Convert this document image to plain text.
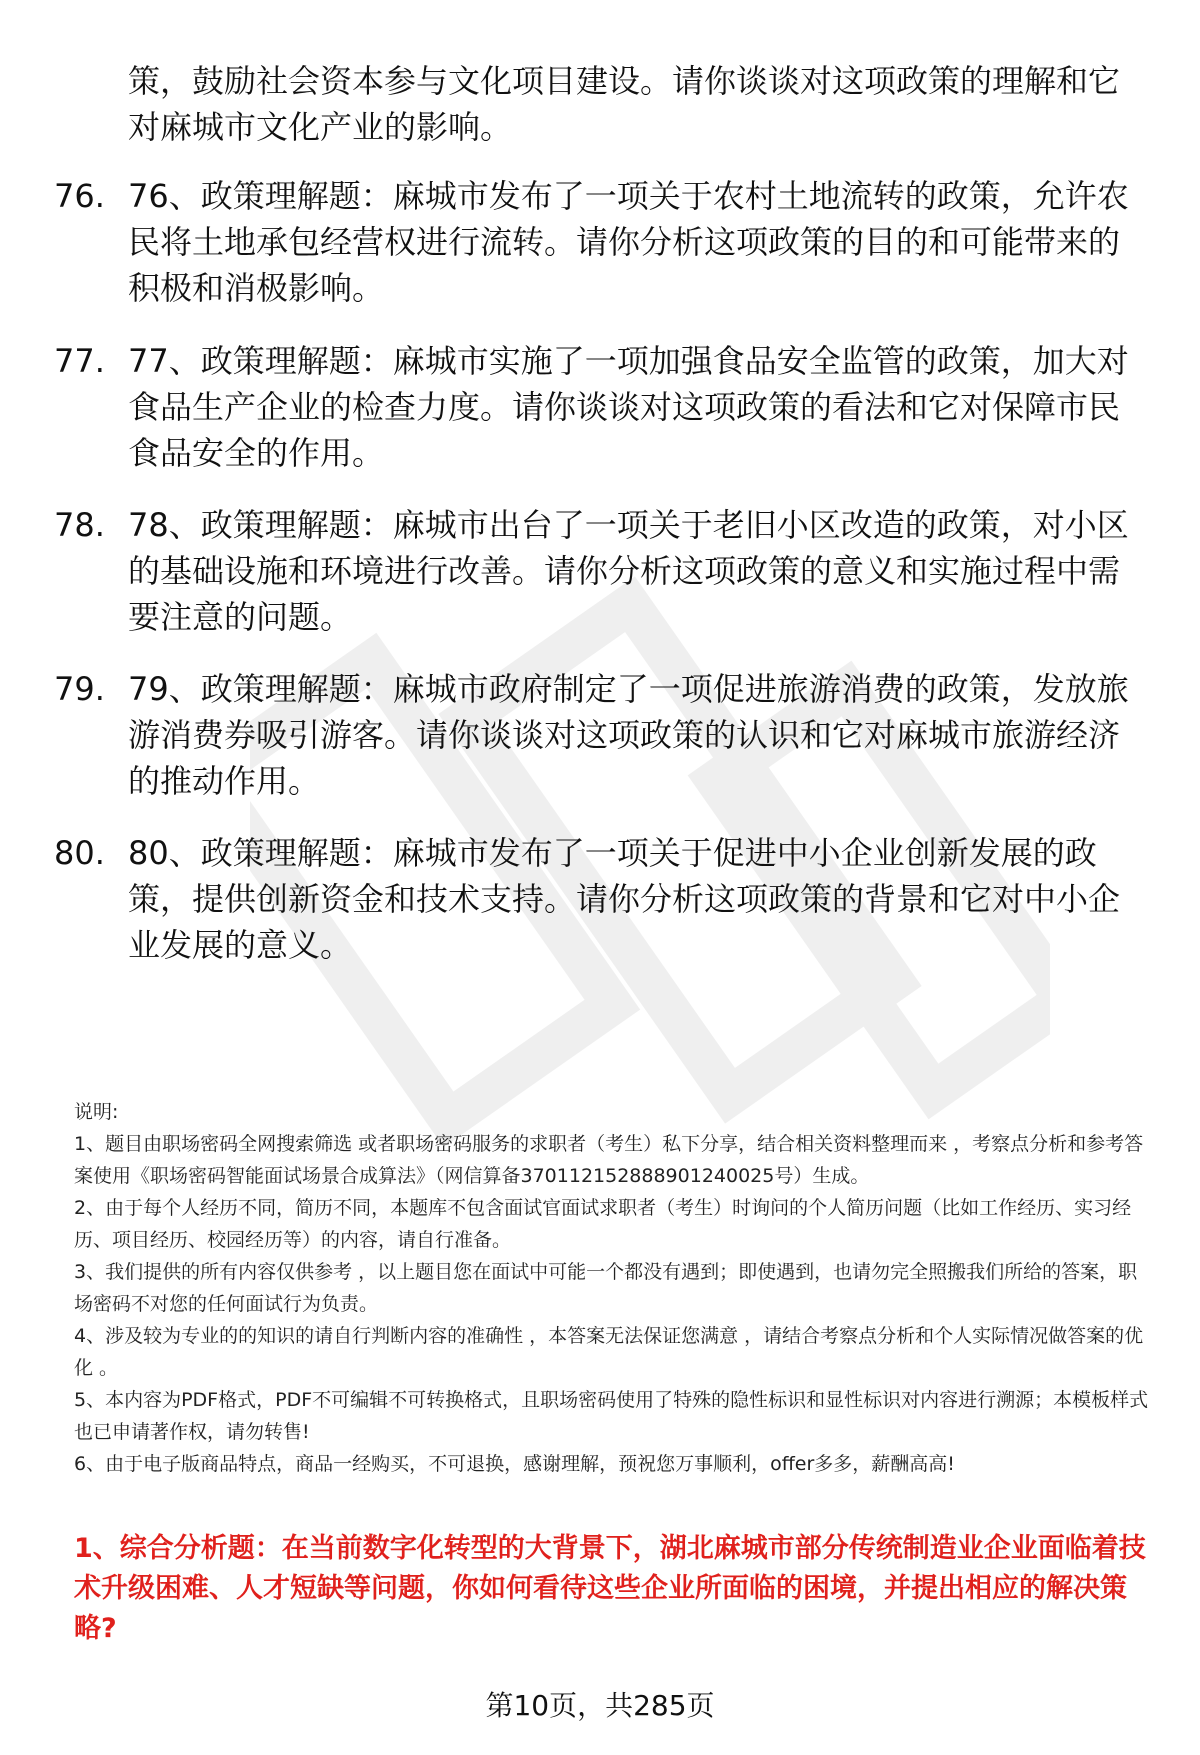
策，鼓励社会资本参与文化项目建设。请你谈谈对这项政策的理解和它对麻城市文化产业的影响。
76. 76、政策理解题：麻城市发布了一项关于农村土地流转的政策，允许农民将土地承包经营权进行流转。请你分析这项政策的目的和可能带来的积极和消极影响。
77. 77、政策理解题：麻城市实施了一项加强食品安全监管的政策，加大对食品生产企业的检查力度。请你谈谈对这项政策的看法和它对保障市民食品安全的作用。
78. 78、政策理解题：麻城市出台了一项关于老旧小区改造的政策，对小区的基础设施和环境进行改善。请你分析这项政策的意义和实施过程中需要注意的问题。
79. 79、政策理解题：麻城市政府制定了一项促进旅游消费的政策，发放旅游消费券吸引游客。请你谈谈对这项政策的认识和它对麻城市旅游经济的推动作用。
80. 80、政策理解题：麻城市发布了一项关于促进中小企业创新发展的政策，提供创新资金和技术支持。请你分析这项政策的背景和它对中小企业发展的意义。

说明:

1、题目由职场密码全网搜索筛选 或者职场密码服务的求职者（考生）私下分享，结合相关资料整理而来 ，考察点分析和参考答案使用《职场密码智能面试场景合成算法》（网信算备370112152888901240025号）生成。

2、由于每个人经历不同，简历不同，本题库不包含面试官面试求职者（考生）时询问的个人简历问题（比如工作经历、实习经历、项目经历、校园经历等）的内容，请自行准备。

3、我们提供的所有内容仅供参考 ，以上题目您在面试中可能一个都没有遇到；即使遇到，也请勿完全照搬我们所给的答案，职场密码不对您的任何面试行为负责。

4、涉及较为专业的的知识的请自行判断内容的准确性 ，本答案无法保证您满意 ，请结合考察点分析和个人实际情况做答案的优化 。

5、本内容为PDF格式，PDF不可编辑不可转换格式，且职场密码使用了特殊的隐性标识和显性标识对内容进行溯源；本模板样式也已申请著作权，请勿转售!

6、由于电子版商品特点，商品一经购买，不可退换，感谢理解，预祝您万事顺利，offer多多，薪酬高高!

1、综合分析题：在当前数字化转型的大背景下，湖北麻城市部分传统制造业企业面临着技术升级困难、人才短缺等问题，你如何看待这些企业所面临的困境，并提出相应的解决策略?
第10页，共285页
